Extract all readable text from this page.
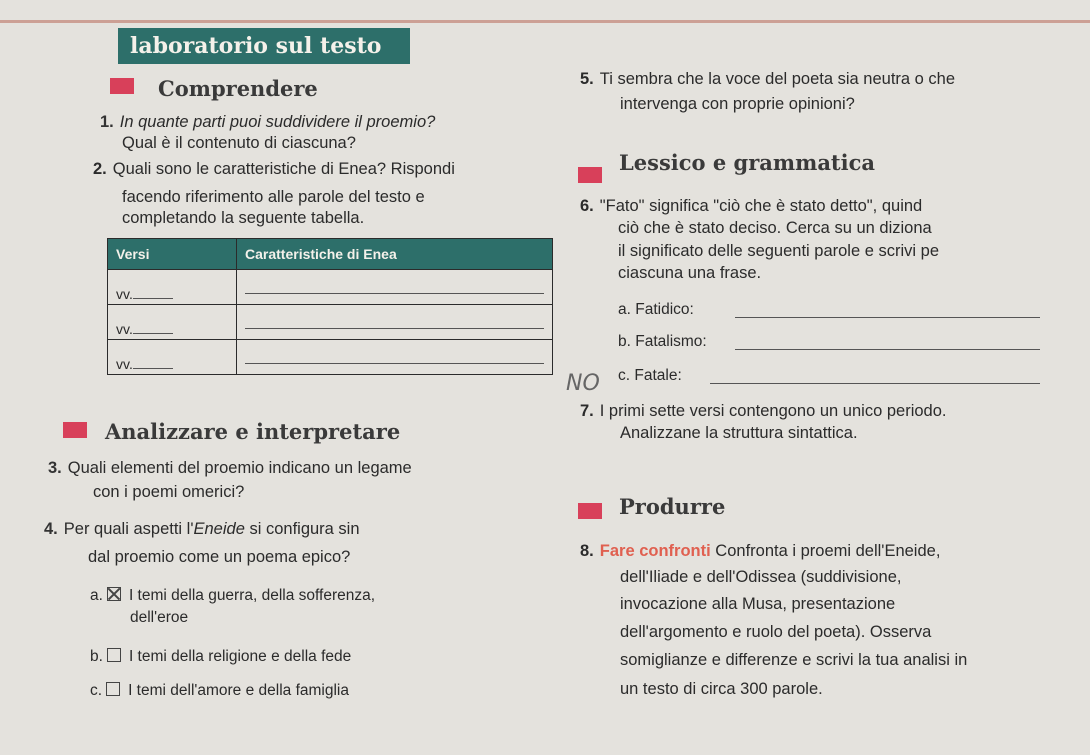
laboratorio sul testo
Comprendere
1. In quante parti puoi suddividere il proemio?
Qual è il contenuto di ciascuna?
2. Quali sono le caratteristiche di Enea? Rispondi
facendo riferimento alle parole del testo e
completando la seguente tabella.
Versi	Caratteristiche di Enea
vv.	

vv.	

vv.	
Analizzare e interpretare
3. Quali elementi del proemio indicano un legame
con i poemi omerici?
4. Per quali aspetti l'Eneide si configura sin
dal proemio come un poema epico?
a. I temi della guerra, della sofferenza,
dell'eroe
b. I temi della religione e della fede
c. I temi dell'amore e della famiglia
5. Ti sembra che la voce del poeta sia neutra o che
intervenga con proprie opinioni?
Lessico e grammatica
6. "Fato" significa "ciò che è stato detto", quind
ciò che è stato deciso. Cerca su un diziona
il significato delle seguenti parole e scrivi pe
ciascuna una frase.
a. Fatidico:
b. Fatalismo:
c. Fatale:
NO
7. I primi sette versi contengono un unico periodo.
Analizzane la struttura sintattica.
Produrre
8. Fare confronti Confronta i proemi dell'Eneide,
dell'Iliade e dell'Odissea (suddivisione,
invocazione alla Musa, presentazione
dell'argomento e ruolo del poeta). Osserva
somiglianze e differenze e scrivi la tua analisi in
un testo di circa 300 parole.
